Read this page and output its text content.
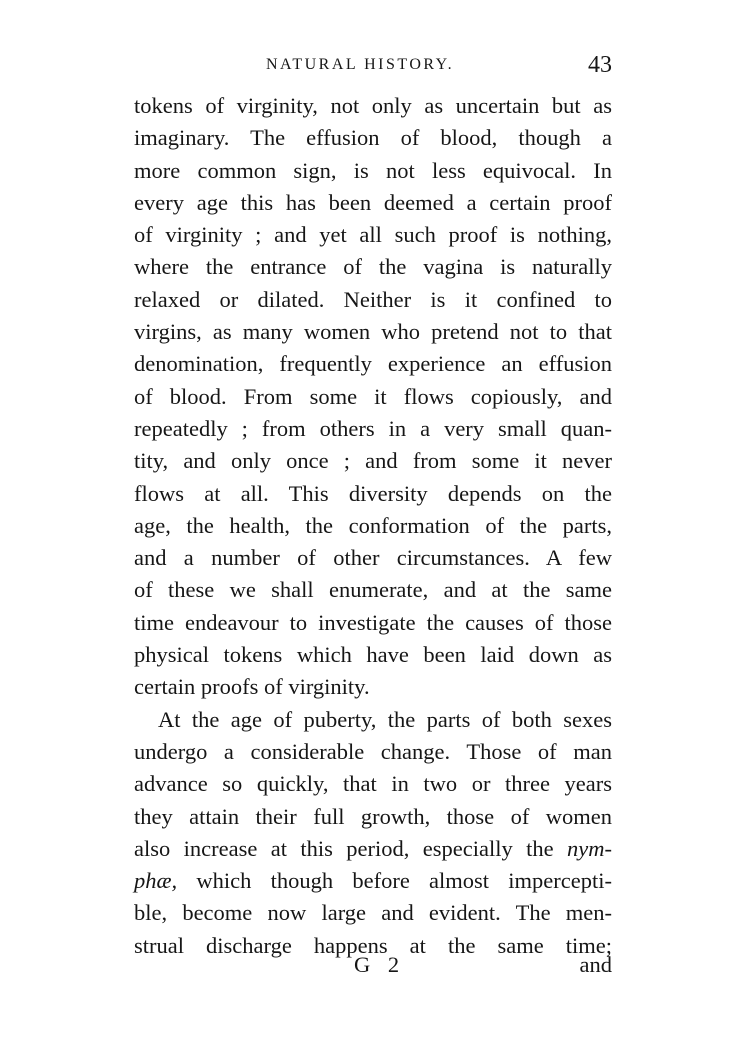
NATURAL HISTORY.	43
tokens of virginity, not only as uncertain but as
imaginary. The effusion of blood, though a
more common sign, is not less equivocal. In
every age this has been deemed a certain proof
of virginity ; and yet all such proof is nothing,
where the entrance of the vagina is naturally
relaxed or dilated. Neither is it confined to
virgins, as many women who pretend not to that
denomination, frequently experience an effusion
of blood. From some it flows copiously, and
repeatedly ; from others in a very small quan-
tity, and only once ; and from some it never
flows at all. This diversity depends on the
age, the health, the conformation of the parts,
and a number of other circumstances. A few
of these we shall enumerate, and at the same
time endeavour to investigate the causes of those
physical tokens which have been laid down as
certain proofs of virginity.
At the age of puberty, the parts of both sexes
undergo a considerable change. Those of man
advance so quickly, that in two or three years
they attain their full growth, those of women
also increase at this period, especially the nym-
phæ, which though before almost impercepti-
ble, become now large and evident. The men-
strual discharge happens at the same time;
G 2	and
